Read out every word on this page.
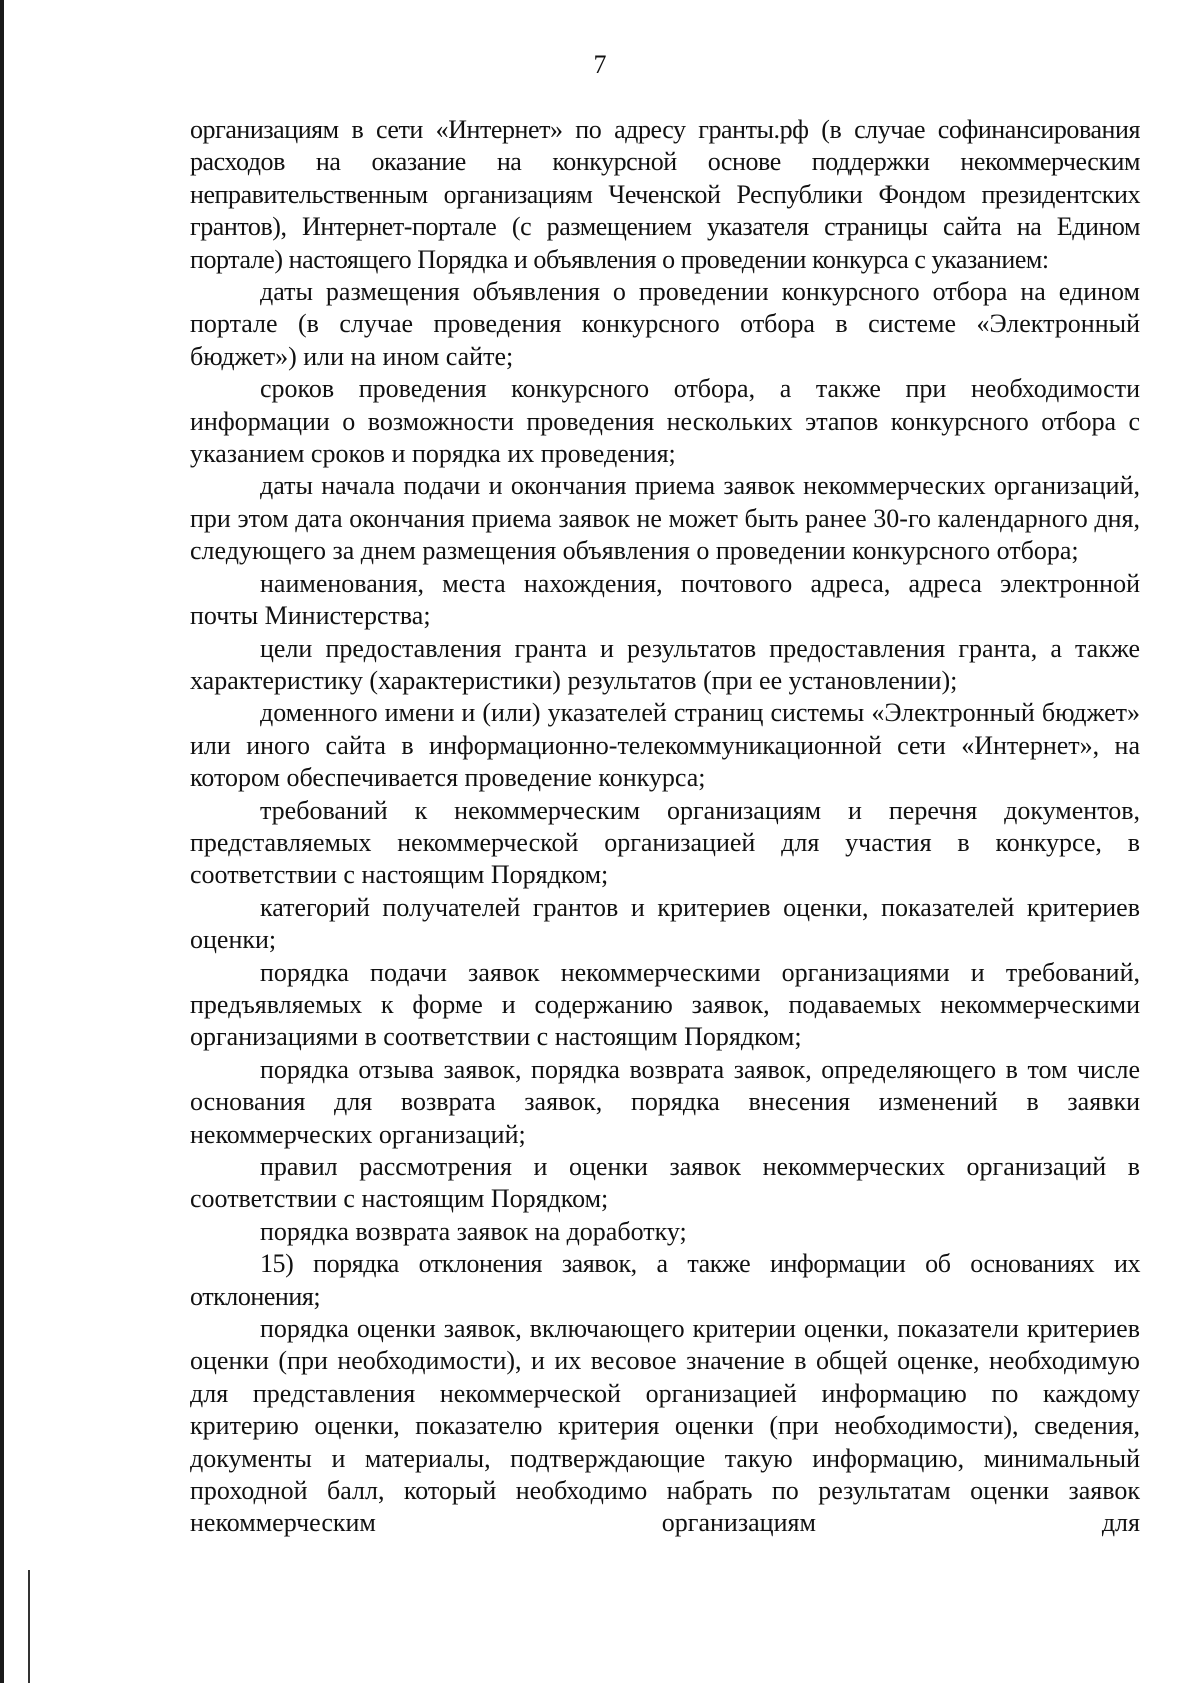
7

организациям в сети «Интернет» по адресу гранты.рф (в случае софинансирования расходов на оказание на конкурсной основе поддержки некоммерческим неправительственным организациям Чеченской Республики Фондом президентских грантов), Интернет-портале (с размещением указателя страницы сайта на Едином портале) настоящего Порядка и объявления о проведении конкурса с указанием:

даты размещения объявления о проведении конкурсного отбора на едином портале (в случае проведения конкурсного отбора в системе «Электронный бюджет») или на ином сайте;

сроков проведения конкурсного отбора, а также при необходимости информации о возможности проведения нескольких этапов конкурсного отбора с указанием сроков и порядка их проведения;

даты начала подачи и окончания приема заявок некоммерческих организаций, при этом дата окончания приема заявок не может быть ранее 30-го календарного дня, следующего за днем размещения объявления о проведении конкурсного отбора;

наименования, места нахождения, почтового адреса, адреса электронной почты Министерства;

цели предоставления гранта и результатов предоставления гранта, а также характеристику (характеристики) результатов (при ее установлении);

доменного имени и (или) указателей страниц системы «Электронный бюджет» или иного сайта в информационно-телекоммуникационной сети «Интернет», на котором обеспечивается проведение конкурса;

требований к некоммерческим организациям и перечня документов, представляемых некоммерческой организацией для участия в конкурсе, в соответствии с настоящим Порядком;

категорий получателей грантов и критериев оценки, показателей критериев оценки;

порядка подачи заявок некоммерческими организациями и требований, предъявляемых к форме и содержанию заявок, подаваемых некоммерческими организациями в соответствии с настоящим Порядком;

порядка отзыва заявок, порядка возврата заявок, определяющего в том числе основания для возврата заявок, порядка внесения изменений в заявки некоммерческих организаций;

правил рассмотрения и оценки заявок некоммерческих организаций в соответствии с настоящим Порядком;

порядка возврата заявок на доработку;

15) порядка отклонения заявок, а также информации об основаниях их отклонения;

порядка оценки заявок, включающего критерии оценки, показатели критериев оценки (при необходимости), и их весовое значение в общей оценке, необходимую для представления некоммерческой организацией информацию по каждому критерию оценки, показателю критерия оценки (при необходимости), сведения, документы и материалы, подтверждающие такую информацию, минимальный проходной балл, который необходимо набрать по результатам оценки заявок некоммерческим организациям для
